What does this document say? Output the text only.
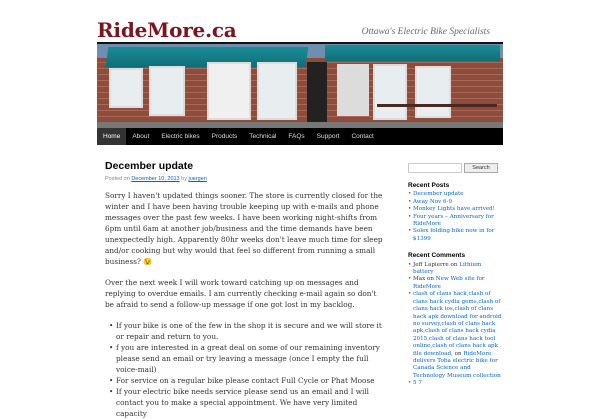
RideMore.ca	Ottawa's Electric Bike Specialists
Home	About	Electric bikes	Products	Technical	FAQs	Support	Contact
December update
Posted on December 10, 2013 by juergen

Sorry I haven't updated things sooner. The store is currently closed for the winter and I have been having trouble keeping up with e-mails and phone messages over the past few weeks. I have been working night-shifts from 6pm until 6am at another job/business and the time demands have been unexpectedly high. Apparently 80hr weeks don't leave much time for sleep and/or cooking but why would that feel so different from running a small business? 😉

Over the next week I will work toward catching up on messages and replying to overdue emails. I am currently checking e-mail again so don't be afraid to send a follow-up message if one got lost in my backlog.

• If your bike is one of the few in the shop it is secure and we will store it or repair and return to you.
• f you are interested in a great deal on some of our remaining inventory please send an email or try leaving a message (once I empty the full voice-mail)
• For service on a regular bike please contact Full Cycle or Phat Moose
• If your electric bike needs service please send us an email and I will contact you to make a special appointment. We have very limited capacity
Search
Recent Posts
• December update
• Away Nov 6-9
• Monkey Lights have arrived!
• Four years – Anniversary for RideMore
• Solex folding bike now in for $1399
Recent Comments
• Jeff Lapierre on Lithium battery
• Max on New Web site for RideMore
• clash of clans hack,clash of clans hack cydia gems,clash of clans hack ios,clash of clans hack apk download for android no survey,clash of clans hack apk,clash of clans hack cydia 2015,clash of clans hack tool online,clash of clans hack apk file download, on RideMore delivers Toba electric bike for Canada Science and Technology Museum collection
• 5 7
